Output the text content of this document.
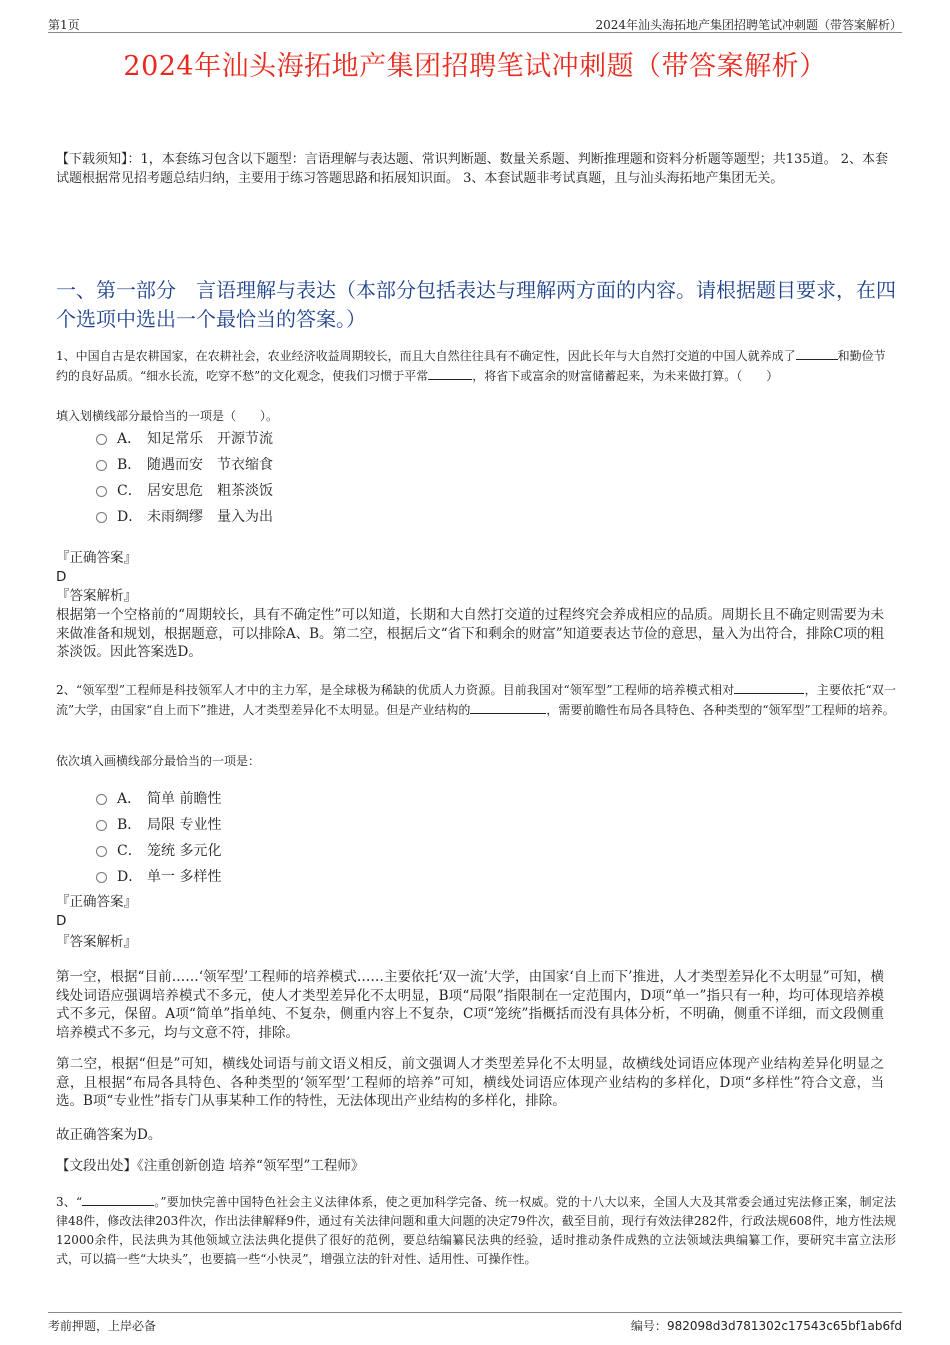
第1页	2024年汕头海拓地产集团招聘笔试冲刺题（带答案解析）
2024年汕头海拓地产集团招聘笔试冲刺题（带答案解析）
【下载须知】：1，本套练习包含以下题型：言语理解与表达题、常识判断题、数量关系题、判断推理题和资料分析题等题型；共135道。 2、本套试题根据常见招考题总结归纳，主要用于练习答题思路和拓展知识面。 3、本套试题非考试真题，且与汕头海拓地产集团无关。
一、第一部分　言语理解与表达（本部分包括表达与理解两方面的内容。请根据题目要求，在四个选项中选出一个最恰当的答案。）
1、中国自古是农耕国家，在农耕社会，农业经济收益周期较长，而且大自然往往具有不确定性，因此长年与大自然打交道的中国人就养成了	和勤俭节约的良好品质。“细水长流，吃穿不愁”的文化观念，使我们习惯于平常	，将省下或富余的财富储蓄起来，为未来做打算。（　　）
填入划横线部分最恰当的一项是（　　）。
A． 知足常乐　开源节流
B． 随遇而安　节衣缩食
C． 居安思危　粗茶淡饭
D． 未雨绸缪　量入为出
『正确答案』
D
『答案解析』
根据第一个空格前的“周期较长，具有不确定性”可以知道，长期和大自然打交道的过程终究会养成相应的品质。周期长且不确定则需要为未来做准备和规划，根据题意，可以排除A、B。第二空，根据后文“省下和剩余的财富”知道要表达节俭的意思，量入为出符合，排除C项的粗茶淡饭。因此答案选D。
2、“领军型”工程师是科技领军人才中的主力军，是全球极为稀缺的优质人力资源。目前我国对“领军型”工程师的培养模式相对	，主要依托“双一流”大学，由国家“自上而下”推进，人才类型差异化不太明显。但是产业结构的	，需要前瞻性布局各具特色、各种类型的“领军型”工程师的培养。
依次填入画横线部分最恰当的一项是：
A． 简单 前瞻性
B． 局限 专业性
C． 笼统 多元化
D． 单一 多样性
『正确答案』
D
『答案解析』
第一空，根据“目前……‘领军型’工程师的培养模式……主要依托‘双一流’大学，由国家‘自上而下’推进，人才类型差异化不太明显”可知，横线处词语应强调培养模式不多元，使人才类型差异化不太明显，B项“局限”指限制在一定范围内，D项“单一”指只有一种，均可体现培养模式不多元，保留。A项“简单”指单纯、不复杂，侧重内容上不复杂，C项“笼统”指概括而没有具体分析，不明确，侧重不详细，而文段侧重培养模式不多元，均与文意不符，排除。
第二空，根据“但是”可知，横线处词语与前文语义相反，前文强调人才类型差异化不太明显，故横线处词语应体现产业结构差异化明显之意，且根据“布局各具特色、各种类型的‘领军型’工程师的培养”可知，横线处词语应体现产业结构的多样化，D项“多样性”符合文意，当选。B项“专业性”指专门从事某种工作的特性，无法体现出产业结构的多样化，排除。
故正确答案为D。
【文段出处】《注重创新创造 培养“领军型”工程师》
3、“	。”要加快完善中国特色社会主义法律体系，使之更加科学完备、统一权威。党的十八大以来，全国人大及其常委会通过宪法修正案，制定法律48件，修改法律203件次，作出法律解释9件，通过有关法律问题和重大问题的决定79件次，截至目前，现行有效法律282件，行政法规608件，地方性法规12000余件，民法典为其他领域立法法典化提供了很好的范例，要总结编纂民法典的经验，适时推动条件成熟的立法领域法典编纂工作，要研究丰富立法形式，可以搞一些“大块头”，也要搞一些“小快灵”，增强立法的针对性、适用性、可操作性。
考前押题，上岸必备	编号：982098d3d781302c17543c65bf1ab6fd
